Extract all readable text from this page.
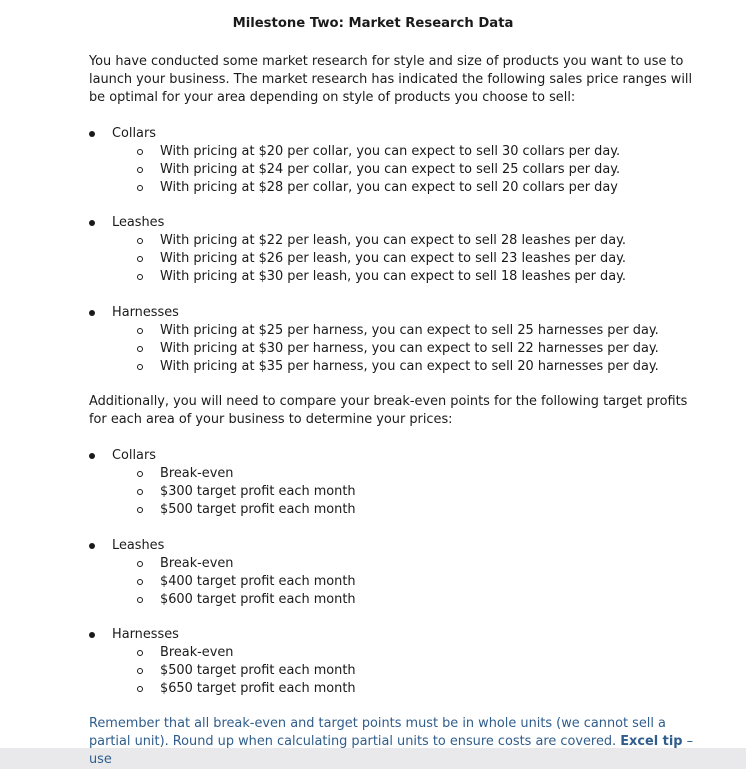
Milestone Two: Market Research Data

You have conducted some market research for style and size of products you want to use to launch your business. The market research has indicated the following sales price ranges will be optimal for your area depending on style of products you choose to sell:

Collars
With pricing at $20 per collar, you can expect to sell 30 collars per day.
With pricing at $24 per collar, you can expect to sell 25 collars per day.
With pricing at $28 per collar, you can expect to sell 20 collars per day
Leashes
With pricing at $22 per leash, you can expect to sell 28 leashes per day.
With pricing at $26 per leash, you can expect to sell 23 leashes per day.
With pricing at $30 per leash, you can expect to sell 18 leashes per day.
Harnesses
With pricing at $25 per harness, you can expect to sell 25 harnesses per day.
With pricing at $30 per harness, you can expect to sell 22 harnesses per day.
With pricing at $35 per harness, you can expect to sell 20 harnesses per day.

Additionally, you will need to compare your break-even points for the following target profits for each area of your business to determine your prices:

Collars
Break-even
$300 target profit each month
$500 target profit each month
Leashes
Break-even
$400 target profit each month
$600 target profit each month
Harnesses
Break-even
$500 target profit each month
$650 target profit each month

Remember that all break-even and target points must be in whole units (we cannot sell a partial unit). Round up when calculating partial units to ensure costs are covered. Excel tip – use
